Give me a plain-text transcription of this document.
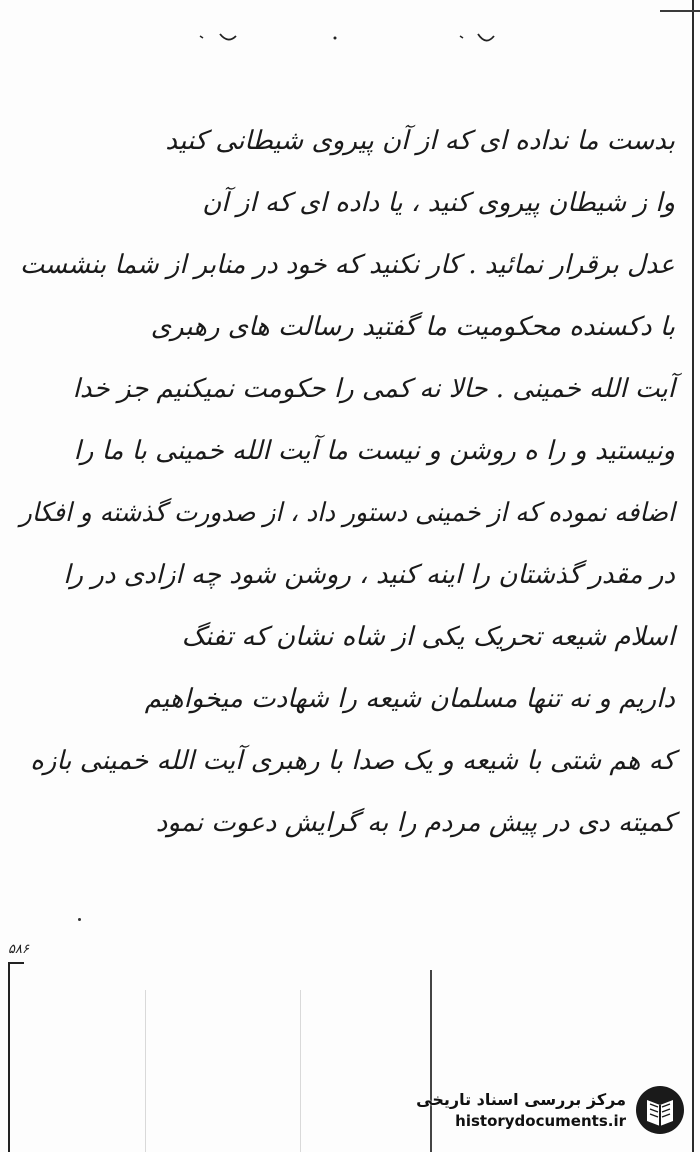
بدست ما نداده ای که از آن پیروی شیطانی کنید
وا ز شیطان پیروی کنید ، یا داده ای که از آن
عدل برقرار نمائید . کار نکنید که خود در منابر از شما بنشست
با دکسنده محکومیت ما گفتید رسالت های رهبری
آیت الله خمینی . حالا نه کمی را حکومت نمیکنیم جز خدا
ونیستید و را ه روشن و نیست ما آیت الله خمینی با ما را
اضافه نموده که از خمینی دستور داد ، از صدورت گذشته و افکار
در مقدر گذشتان را اینه کنید ، روشن شود چه ازادی در را
اسلام شیعه تحریک یکی از شاه نشان که تفنگ
داریم و نه تنها مسلمان شیعه را شهادت میخواهیم
که هم شتی با شیعه و یک صدا با رهبری آیت الله خمینی بازه
کمیته دی در پیش مردم را به گرایش دعوت نمود
۵۸۶
مرکز بررسی اسناد تاریخی
historydocuments.ir
